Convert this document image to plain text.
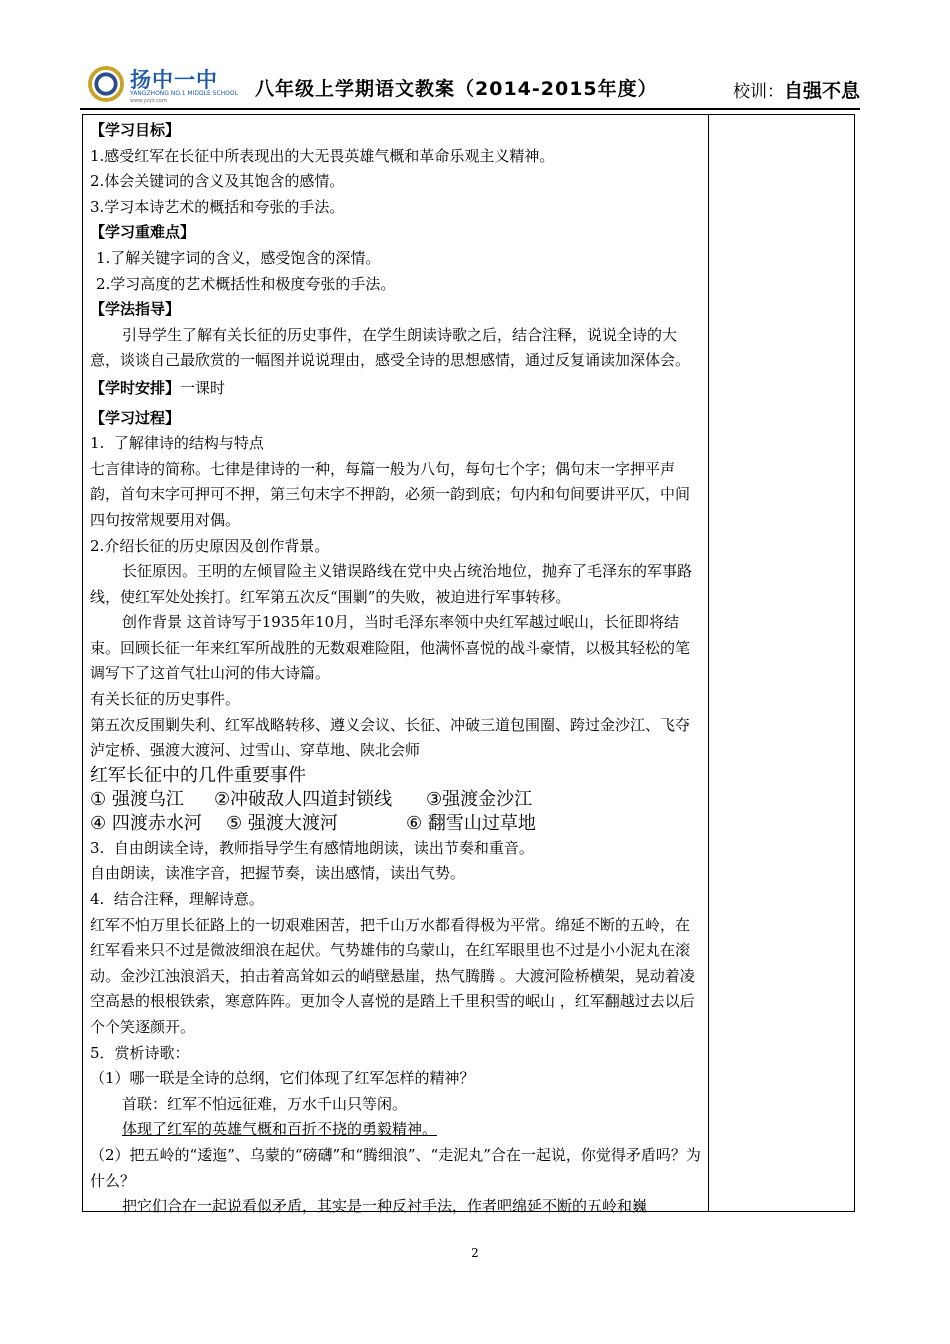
扬中一中
YANGZHONG NO.1 MIDDLE SCHOOL
www.yzyz.com
八年级上学期语文教案（2014-2015年度）	校训：自强不息

【学习目标】

1.感受红军在长征中所表现出的大无畏英雄气概和革命乐观主义精神。

2.体会关键词的含义及其饱含的感情。

3.学习本诗艺术的概括和夸张的手法。

【学习重难点】

1.了解关键字词的含义，感受饱含的深情。

2.学习高度的艺术概括性和极度夸张的手法。

【学法指导】

引导学生了解有关长征的历史事件，在学生朗读诗歌之后，结合注释，说说全诗的大意，谈谈自己最欣赏的一幅图并说说理由，感受全诗的思想感情，通过反复诵读加深体会。

【学时安排】一课时

【学习过程】

1.  了解律诗的结构与特点

七言律诗的简称。七律是律诗的一种，每篇一般为八句，每句七个字；偶句末一字押平声韵，首句末字可押可不押，第三句末字不押韵，必须一韵到底；句内和句间要讲平仄，中间四句按常规要用对偶。

2.介绍长征的历史原因及创作背景。

长征原因。王明的左倾冒险主义错误路线在党中央占统治地位，抛弃了毛泽东的军事路线，使红军处处挨打。红军第五次反“围剿”的失败，被迫进行军事转移。

创作背景 这首诗写于1935年10月，当时毛泽东率领中央红军越过岷山，长征即将结束。回顾长征一年来红军所战胜的无数艰难险阻，他满怀喜悦的战斗豪情，以极其轻松的笔调写下了这首气壮山河的伟大诗篇。

有关长征的历史事件。

第五次反围剿失利、红军战略转移、遵义会议、长征、冲破三道包围圈、跨过金沙江、飞夺泸定桥、强渡大渡河、过雪山、穿草地、陕北会师

红军长征中的几件重要事件

① 强渡乌江 ②冲破敌人四道封锁线 ③强渡金沙江

④ 四渡赤水河 ⑤ 强渡大渡河	⑥ 翻雪山过草地

3.  自由朗读全诗，教师指导学生有感情地朗读，读出节奏和重音。

自由朗读，读准字音，把握节奏，读出感情，读出气势。

4.  结合注释，理解诗意。

红军不怕万里长征路上的一切艰难困苦，把千山万水都看得极为平常。绵延不断的五岭，在红军看来只不过是微波细浪在起伏。气势雄伟的乌蒙山，在红军眼里也不过是小小泥丸在滚动。金沙江浊浪滔天，拍击着高耸如云的峭壁悬崖，热气腾腾 。大渡河险桥横架，晃动着凌空高悬的根根铁索，寒意阵阵。更加令人喜悦的是踏上千里积雪的岷山 ，红军翻越过去以后个个笑逐颜开。

5．赏析诗歌：

（1）哪一联是全诗的总纲，它们体现了红军怎样的精神？

首联：红军不怕远征难，万水千山只等闲。

体现了红军的英雄气概和百折不挠的勇毅精神。

（2）把五岭的“逶迤”、乌蒙的“磅礴”和“腾细浪”、“走泥丸”合在一起说，你觉得矛盾吗？为什么？

把它们合在一起说看似矛盾，其实是一种反衬手法，作者吧绵延不断的五岭和巍

2
